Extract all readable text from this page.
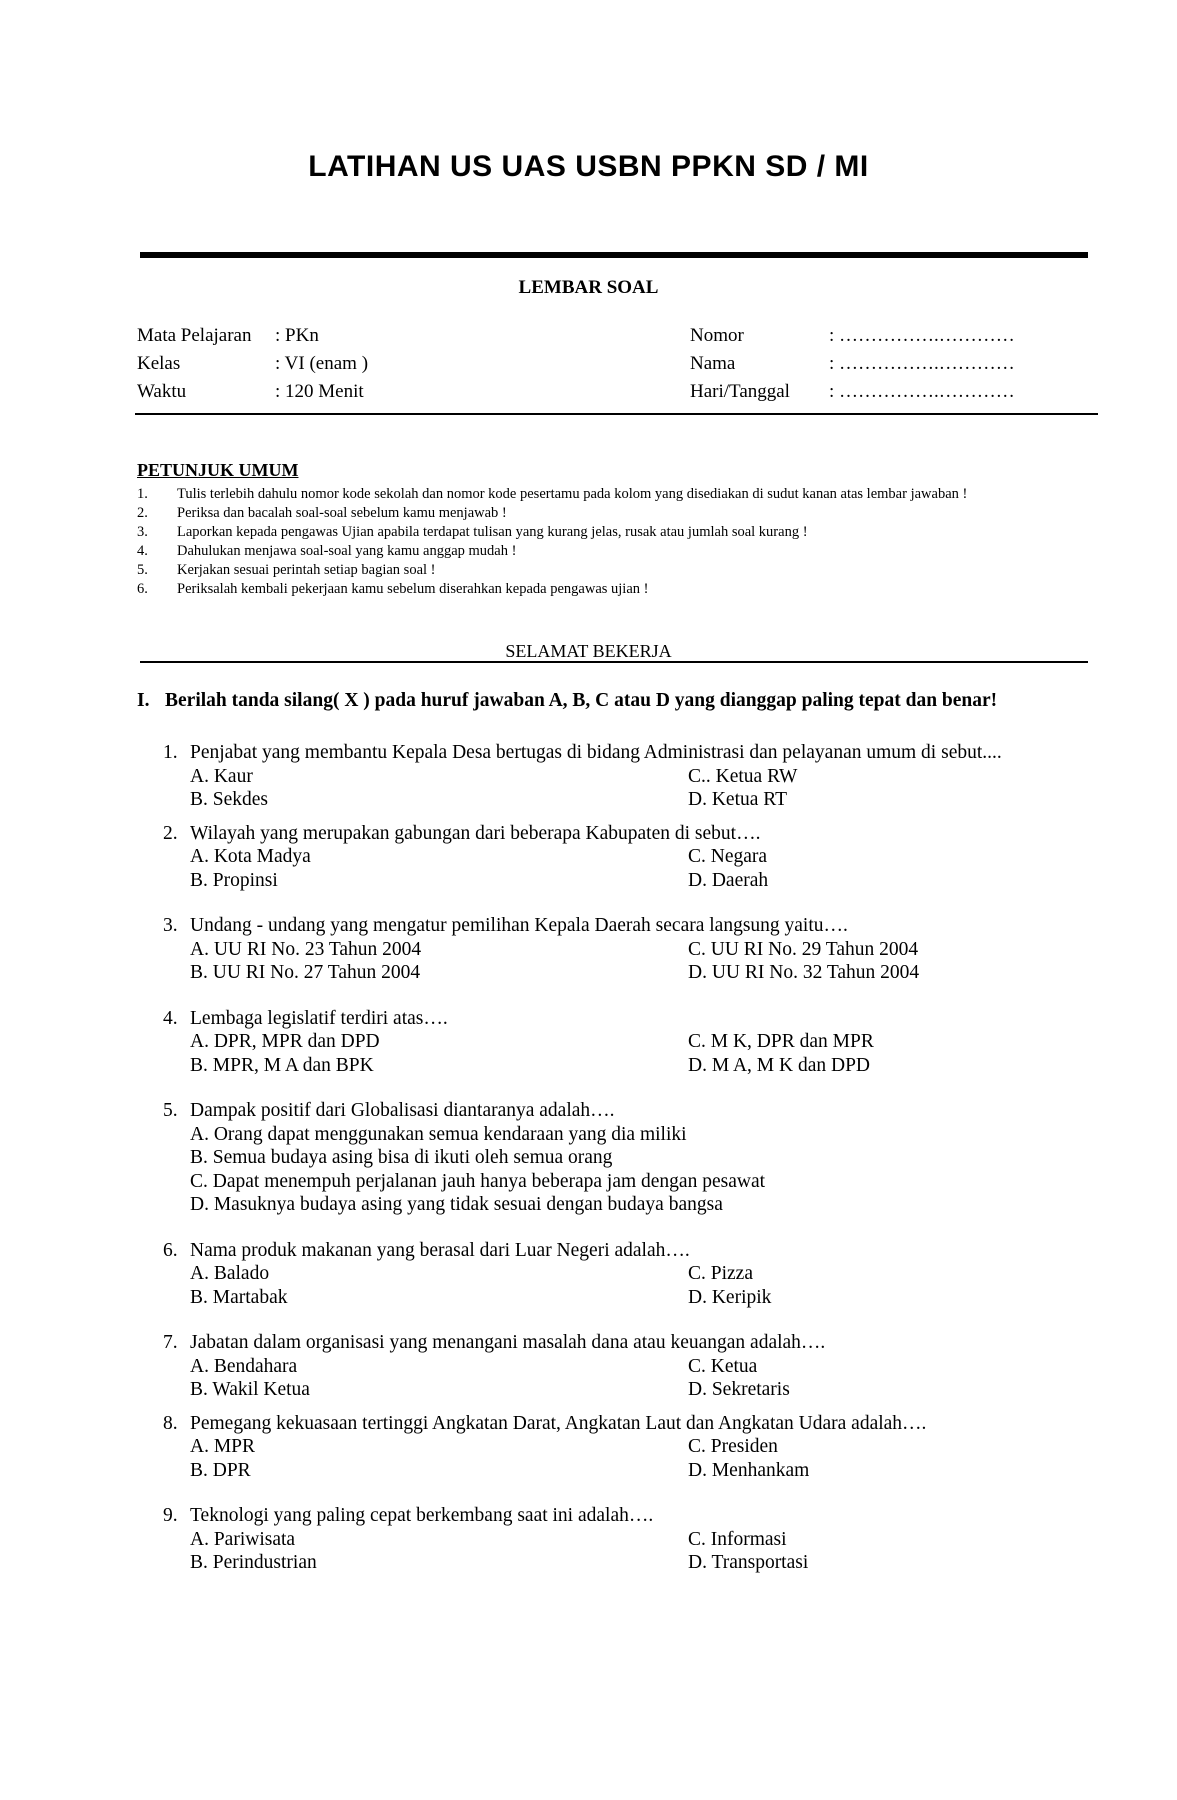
LATIHAN US UAS USBN PPKN SD / MI
LEMBAR SOAL
Mata Pelajaran : PKn	Nomor	: …………….…………
Kelas	: VI (enam )	Nama	: …………….…………
Waktu	: 120 Menit	Hari/Tanggal : …………….…………
PETUNJUK UMUM
1. Tulis terlebih dahulu nomor kode sekolah dan nomor kode pesertamu pada kolom yang disediakan di sudut kanan atas lembar jawaban !
2. Periksa dan bacalah soal-soal sebelum kamu menjawab !
3. Laporkan kepada pengawas Ujian apabila terdapat tulisan yang kurang jelas, rusak atau jumlah soal kurang !
4. Dahulukan menjawa soal-soal yang kamu anggap mudah !
5. Kerjakan sesuai perintah setiap bagian soal !
6. Periksalah kembali pekerjaan kamu sebelum diserahkan kepada pengawas ujian !
SELAMAT BEKERJA
I. Berilah tanda silang( X ) pada huruf jawaban A, B, C atau D yang dianggap paling tepat dan benar!
1. Penjabat yang membantu Kepala Desa bertugas di bidang Administrasi dan pelayanan umum di sebut....
A. Kaur	C.. Ketua RW
B. Sekdes	D. Ketua RT
2. Wilayah yang merupakan gabungan dari beberapa Kabupaten di sebut….
A. Kota Madya	C. Negara
B. Propinsi	D. Daerah
3. Undang - undang yang mengatur pemilihan Kepala Daerah secara langsung yaitu….
A. UU RI No. 23 Tahun 2004	C. UU RI No. 29 Tahun 2004
B. UU RI No. 27 Tahun 2004	D. UU RI No. 32 Tahun 2004
4. Lembaga legislatif terdiri atas….
A. DPR, MPR dan DPD	C. M K, DPR dan MPR
B. MPR, M A dan BPK	D. M A, M K dan DPD
5. Dampak positif dari Globalisasi diantaranya adalah….
A. Orang dapat menggunakan semua kendaraan yang dia miliki
B. Semua budaya asing bisa di ikuti oleh semua orang
C. Dapat menempuh perjalanan jauh hanya beberapa jam dengan pesawat
D. Masuknya budaya asing yang tidak sesuai dengan budaya bangsa
6. Nama produk makanan yang berasal dari Luar Negeri adalah….
A. Balado	C. Pizza
B. Martabak	D. Keripik
7. Jabatan dalam organisasi yang menangani masalah dana atau keuangan adalah….
A. Bendahara	C. Ketua
B. Wakil Ketua	D. Sekretaris
8. Pemegang kekuasaan tertinggi Angkatan Darat, Angkatan Laut dan Angkatan Udara adalah….
A. MPR	C. Presiden
B. DPR	D. Menhankam
9. Teknologi yang paling cepat berkembang saat ini adalah….
A. Pariwisata	C. Informasi
B. Perindustrian	D. Transportasi
